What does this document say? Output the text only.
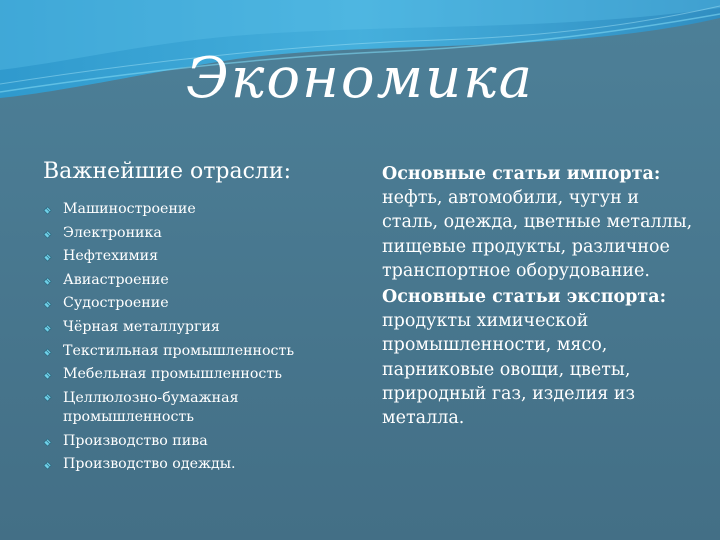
Экономика
Важнейшие отрасли:
Машиностроение
Электроника
Нефтехимия
Авиастроение
Судостроение
Чёрная металлургия
Текстильная промышленность
Мебельная промышленность
Целлюлозно-бумажная промышленность
Производство пива
Производство одежды.

Основные статьи импорта: нефть, автомобили, чугун и сталь, одежда, цветные металлы, пищевые продукты, различное транспортное оборудование.

Основные статьи экспорта: продукты химической промышленности, мясо, парниковые овощи, цветы, природный газ, изделия из металла.
